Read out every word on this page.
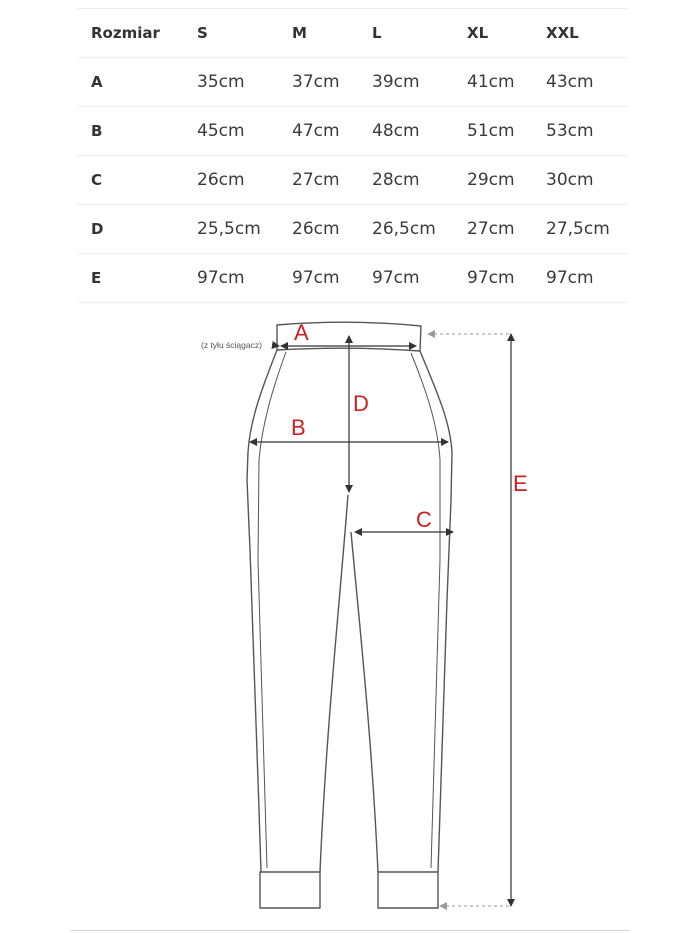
Rozmiar	S	M	L	XL	XXL
A	35cm	37cm	39cm	41cm	43cm
B	45cm	47cm	48cm	51cm	53cm
C	26cm	27cm	28cm	29cm	30cm
D	25,5cm	26cm	26,5cm	27cm	27,5cm
E	97cm	97cm	97cm	97cm	97cm
A
B
C
D
E
(z tyłu ściągacz)
